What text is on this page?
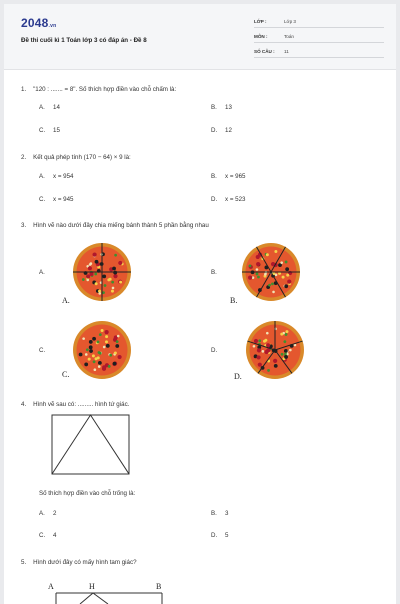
2048.vn
Đề thi cuối kì 1 Toán lớp 3 có đáp án - Đề 8
LỚP :	Lớp 3
MÔN :	Toán
SỐ CÂU : 11
1. "120 : ....... = 8". Số thích hợp điền vào chỗ chấm là:
A. 14	B. 13
C. 15	D. 12
2. Kết quả phép tính (170 − 64) × 9 là:
A. x = 954	B. x = 965
C. x = 945	D. x = 523
3. Hình vẽ nào dưới đây chia miếng bánh thành 5 phần bằng nhau
A.
A.
B.
B.
C.
C.
D.
D.
4. Hình vẽ sau có: ......... hình tứ giác.
Số thích hợp điền vào chỗ trống là:
A. 2	B. 3
C. 4	D. 5
5. Hình dưới đây có mấy hình tam giác?
A	H	B
